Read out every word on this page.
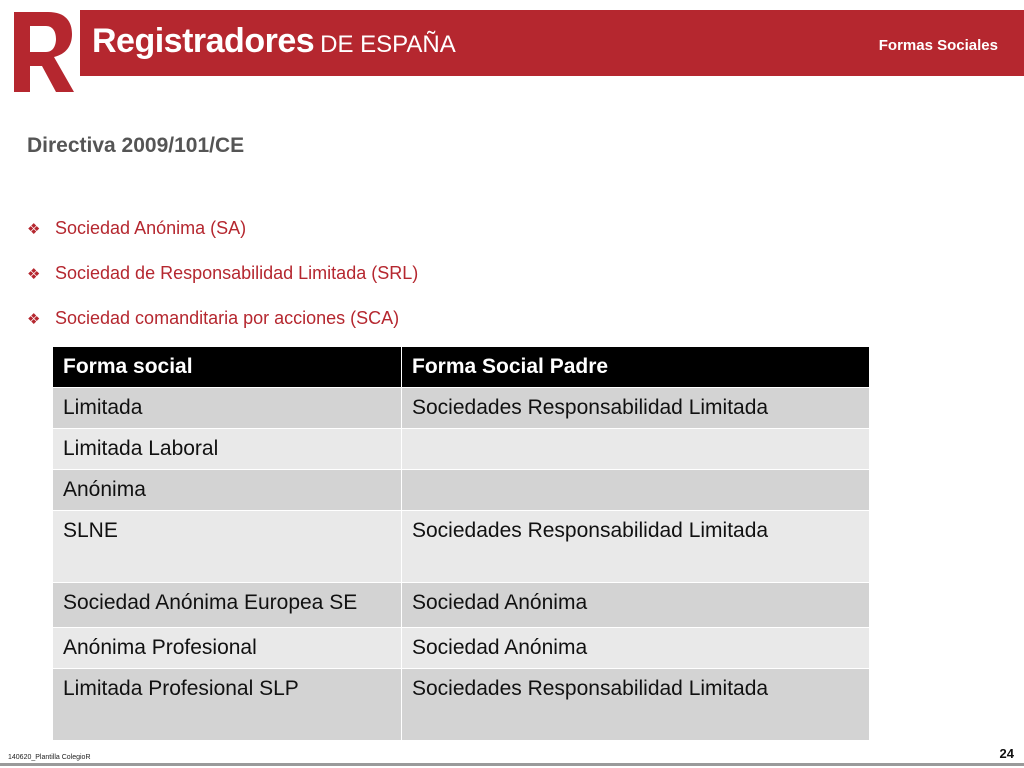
Registradores DE ESPAÑA	Formas Sociales
Directiva 2009/101/CE
❖ Sociedad Anónima (SA)
❖ Sociedad de Responsabilidad Limitada (SRL)
❖ Sociedad comanditaria por acciones (SCA)
Forma social	Forma Social Padre
Limitada	Sociedades Responsabilidad Limitada
Limitada Laboral	
Anónima	
SLNE	Sociedades Responsabilidad Limitada
Sociedad Anónima Europea SE	Sociedad Anónima
Anónima Profesional	Sociedad Anónima
Limitada Profesional SLP	Sociedades Responsabilidad Limitada
140620_Plantilla ColegioR	24
